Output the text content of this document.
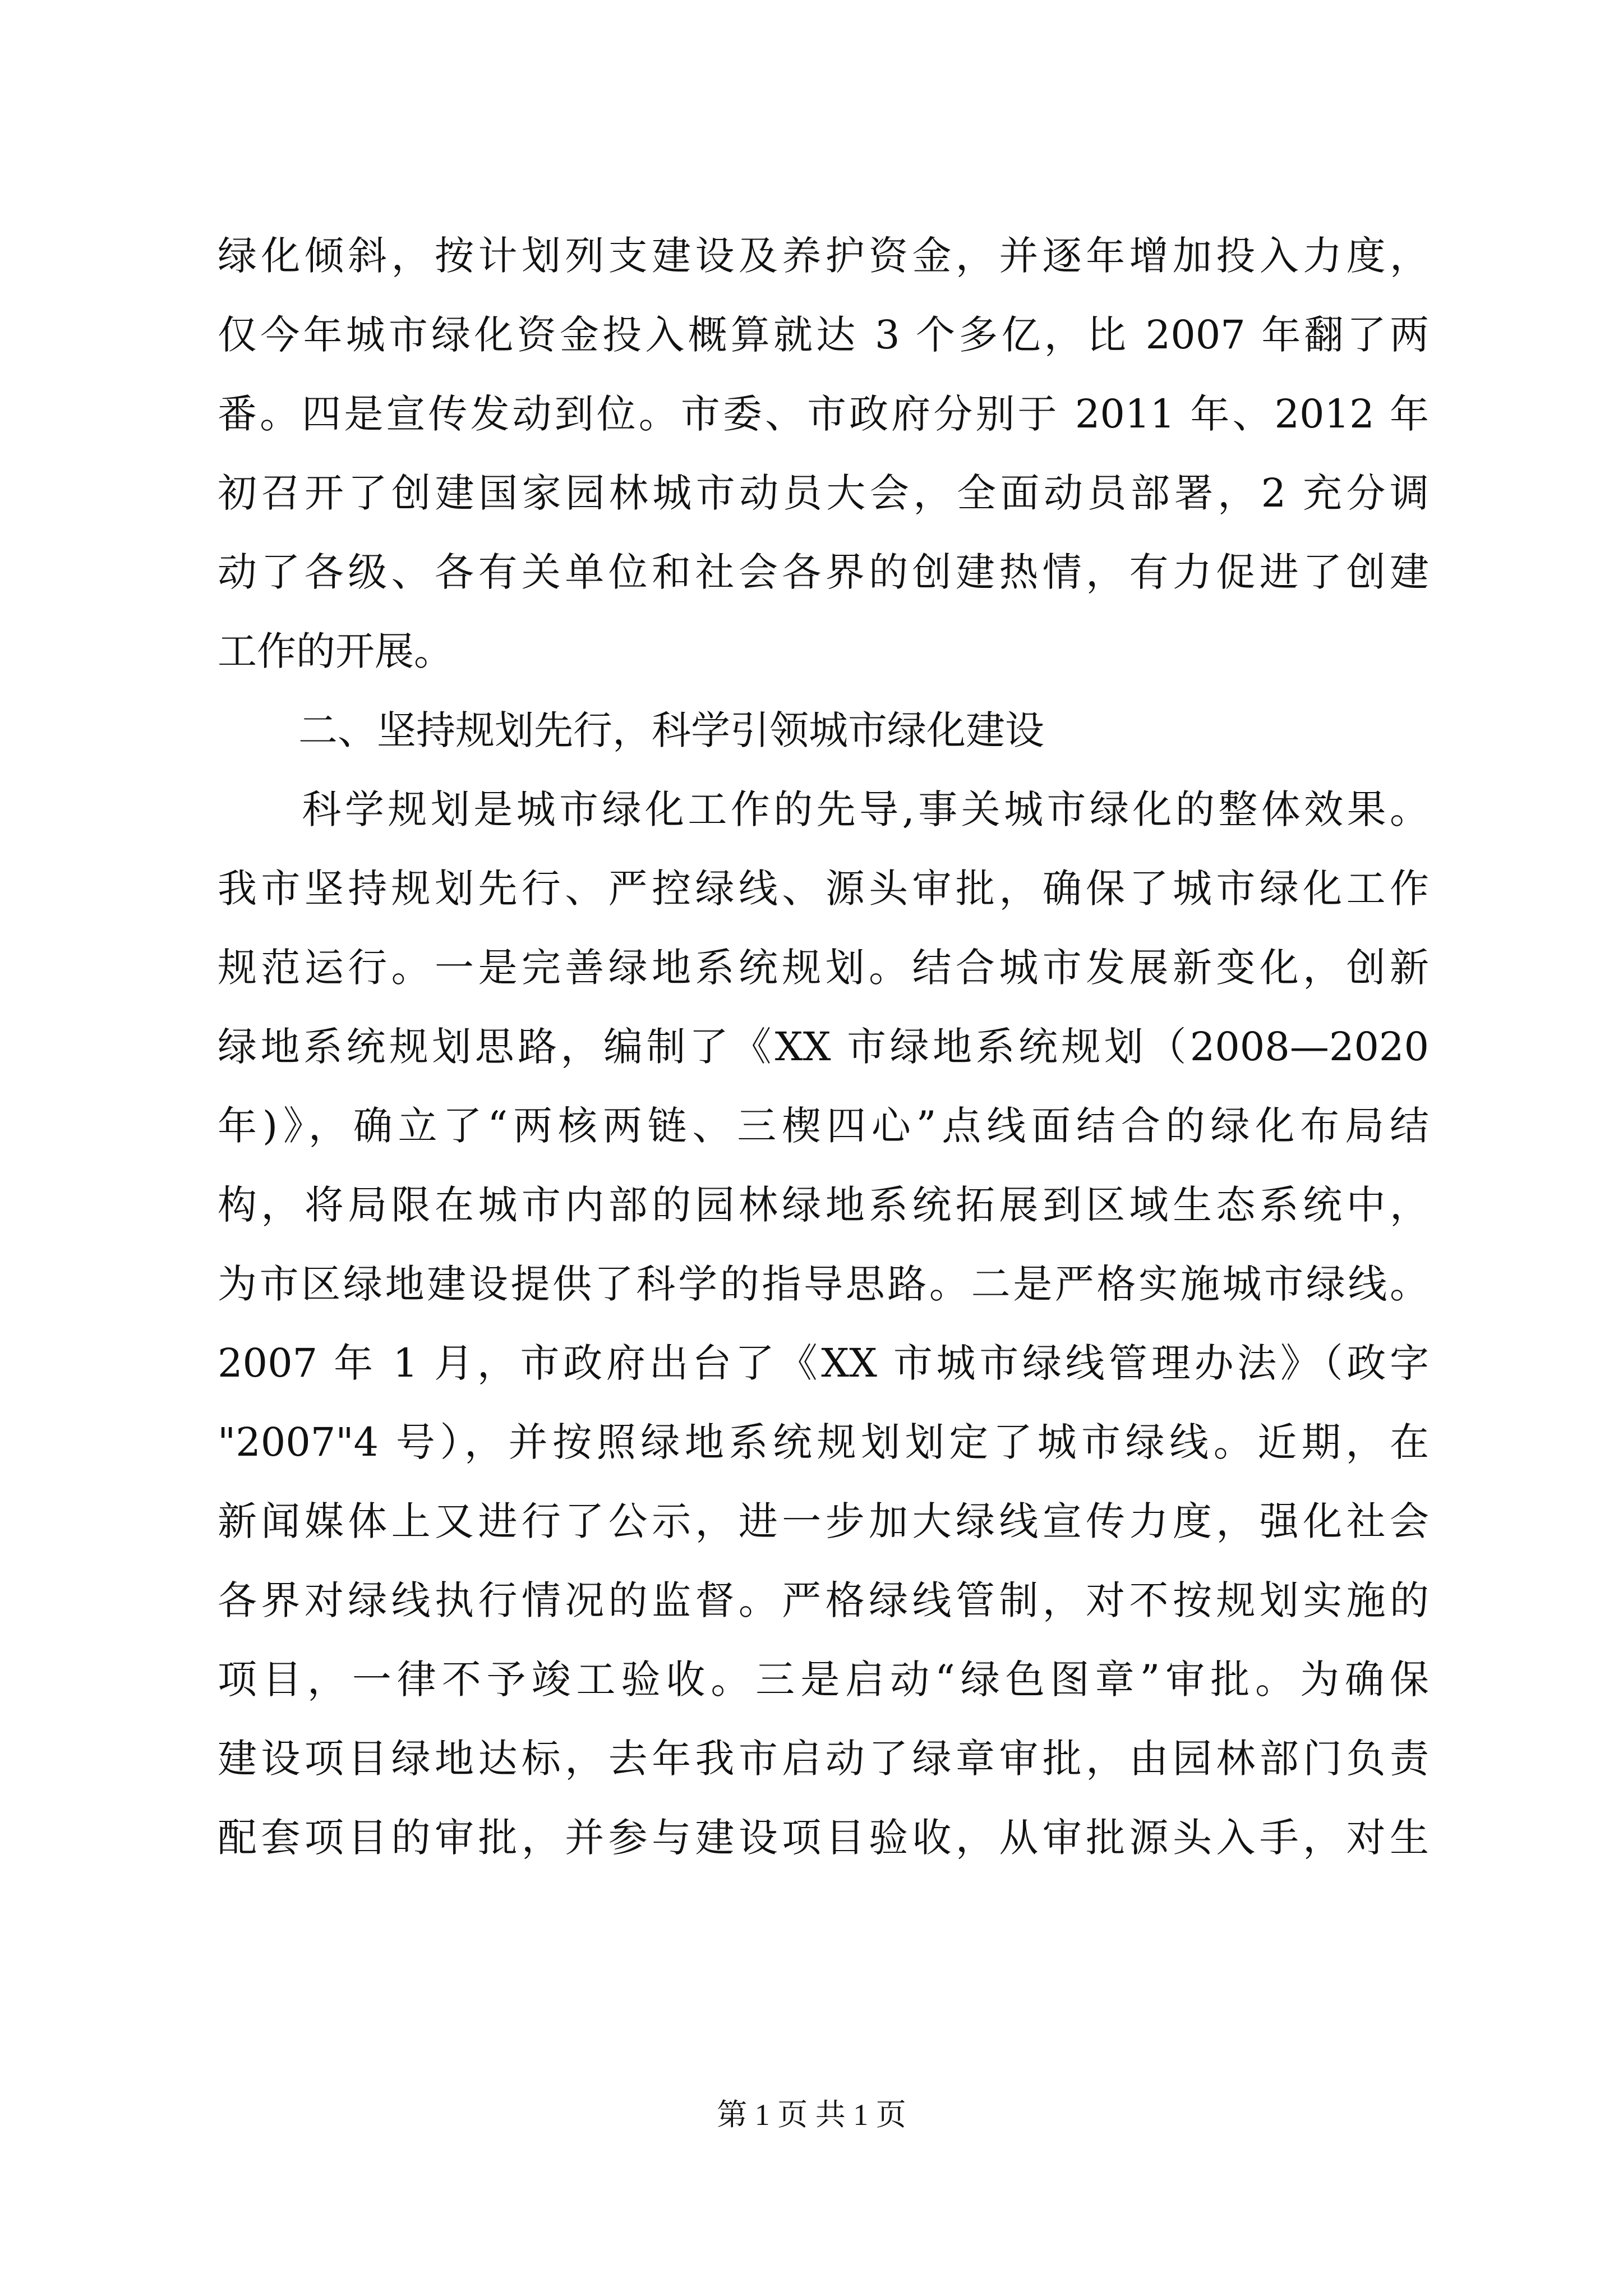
绿化倾斜，按计划列支建设及养护资金，并逐年增加投入力度，
仅今年城市绿化资金投入概算就达 3 个多亿，比 2007 年翻了两
番。四是宣传发动到位。市委、市政府分别于 2011 年、2012 年
初召开了创建国家园林城市动员大会，全面动员部署，2 充分调
动了各级、各有关单位和社会各界的创建热情，有力促进了创建
工作的开展。
二、坚持规划先行，科学引领城市绿化建设
科学规划是城市绿化工作的先导,事关城市绿化的整体效果。
我市坚持规划先行、严控绿线、源头审批，确保了城市绿化工作
规范运行。一是完善绿地系统规划。结合城市发展新变化，创新
绿地系统规划思路，编制了《XX 市绿地系统规划（2008—2020
年)》，确立了“两核两链、三楔四心”点线面结合的绿化布局结
构，将局限在城市内部的园林绿地系统拓展到区域生态系统中，
为市区绿地建设提供了科学的指导思路。二是严格实施城市绿线。
2007 年 1 月，市政府出台了《XX 市城市绿线管理办法》（政字
"2007"4 号），并按照绿地系统规划划定了城市绿线。近期，在
新闻媒体上又进行了公示，进一步加大绿线宣传力度，强化社会
各界对绿线执行情况的监督。严格绿线管制，对不按规划实施的
项目，一律不予竣工验收。三是启动“绿色图章”审批。为确保
建设项目绿地达标，去年我市启动了绿章审批，由园林部门负责
配套项目的审批，并参与建设项目验收，从审批源头入手，对生
第 1 页 共 1 页
